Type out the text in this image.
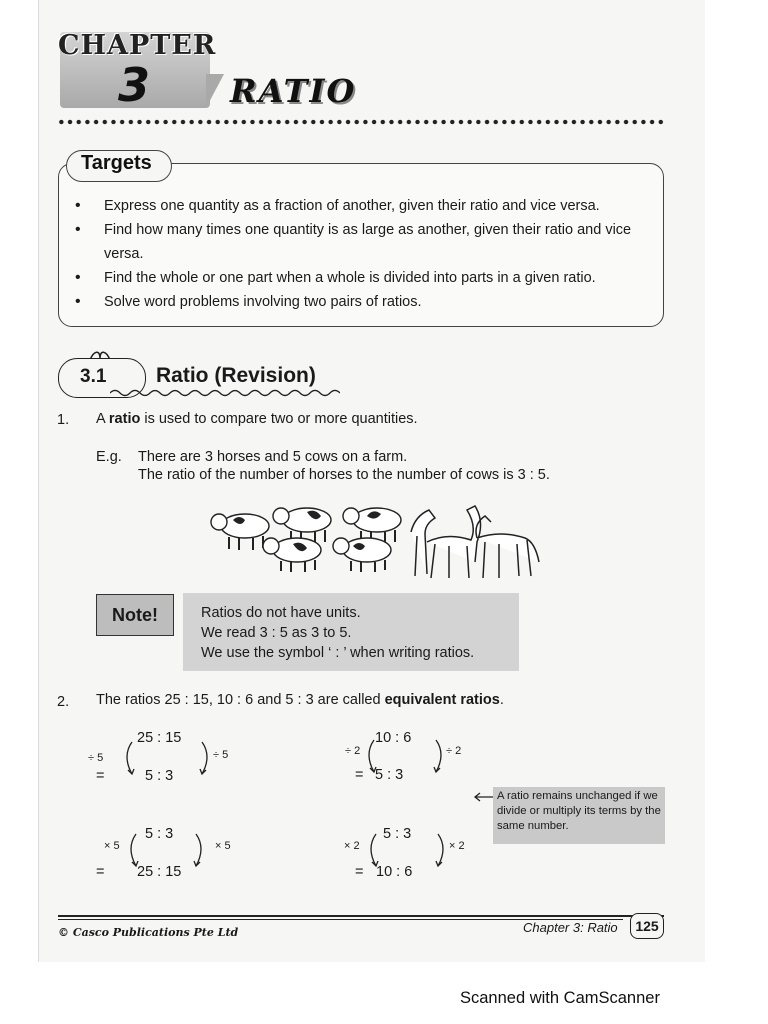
CHAPTER
3 RATIO
Targets
• Express one quantity as a fraction of another, given their ratio and vice versa.
• Find how many times one quantity is as large as another, given their ratio and vice versa.
• Find the whole or one part when a whole is divided into parts in a given ratio.
• Solve word problems involving two pairs of ratios.
3.1 Ratio (Revision)
1. A ratio is used to compare two or more quantities.
E.g. There are 3 horses and 5 cows on a farm.
The ratio of the number of horses to the number of cows is 3 : 5.
Note!	Ratios do not have units.
We read 3 : 5 as 3 to 5.
We use the symbol ‘ : ’ when writing ratios.
2. The ratios 25 : 15, 10 : 6 and 5 : 3 are called equivalent ratios.
25 : 15
÷ 5	÷ 5
=	5 : 3
10 : 6
÷ 2	÷ 2
= 5 : 3
A ratio remains unchanged if we divide or multiply its terms by the same number.
5 : 3
× 5	× 5
= 25 : 15
5 : 3
× 2	× 2
= 10 : 6
© Casco Publications Pte Ltd	Chapter 3: Ratio	125
Scanned with CamScanner
